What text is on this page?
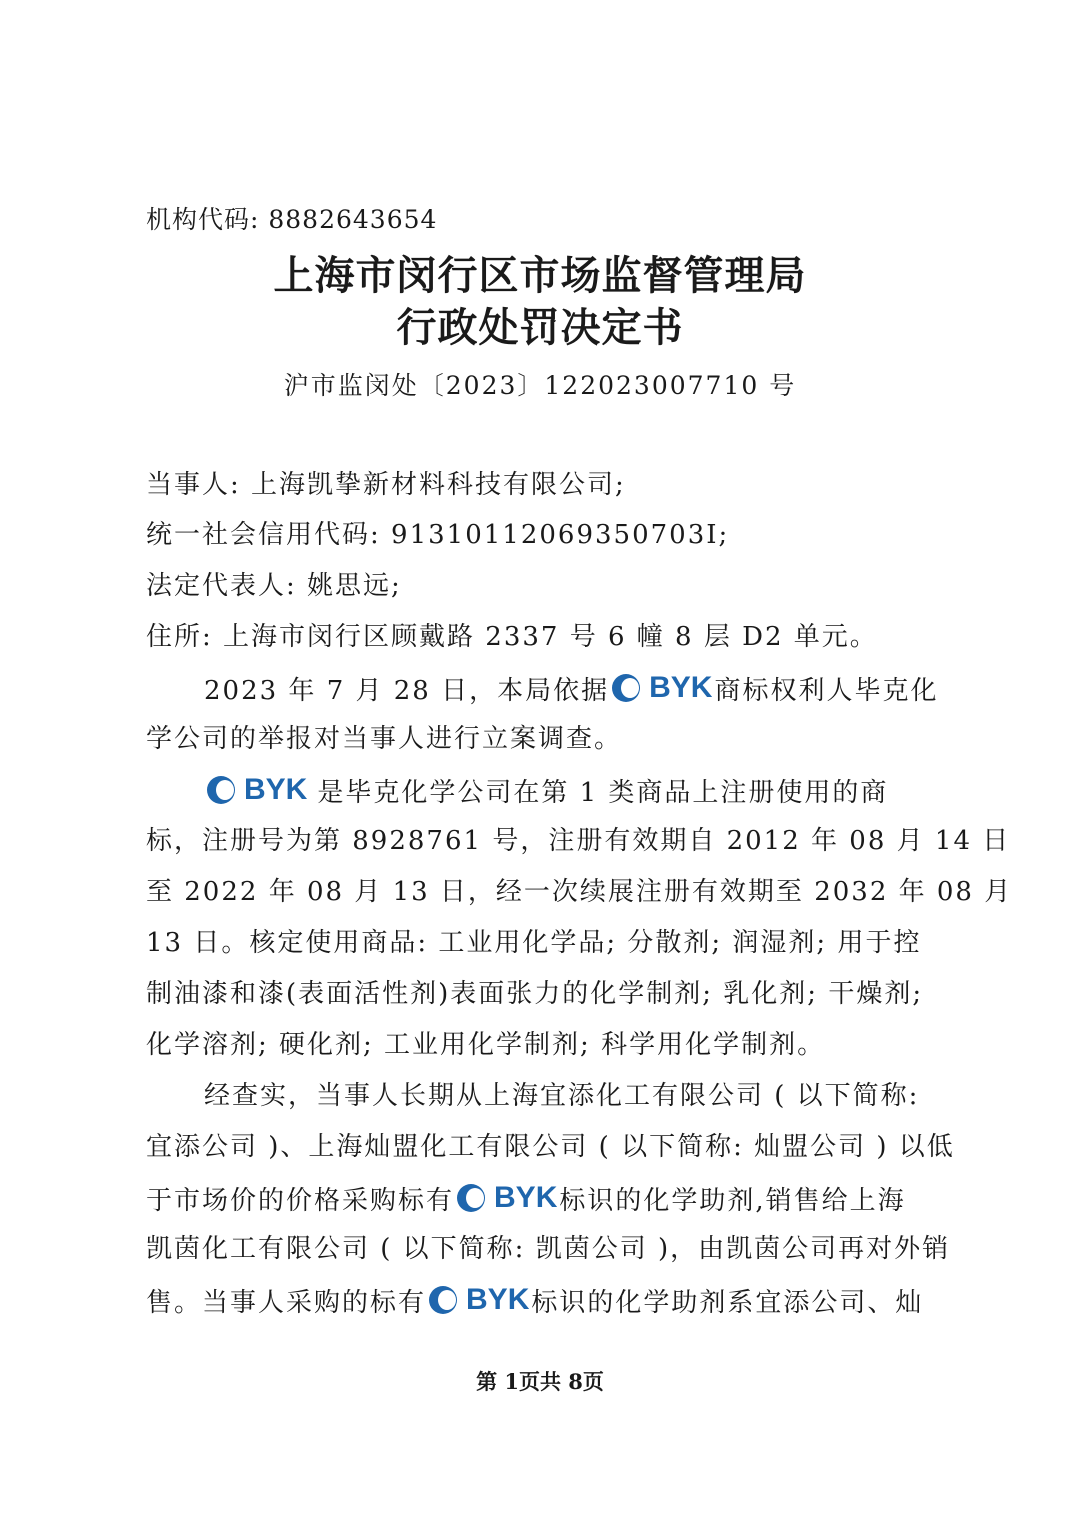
机构代码: 8882643654
上海市闵行区市场监督管理局
行政处罚决定书
沪市监闵处〔2023〕122023007710 号
当事人: 上海凯挚新材料科技有限公司;
统一社会信用代码: 91310112069350703I;
法定代表人: 姚思远;
住所: 上海市闵行区顾戴路 2337 号 6 幢 8 层 D2 单元。
2023 年 7 月 28 日，本局依据 BYK 商标权利人毕克化
学公司的举报对当事人进行立案调查。
BYK 是毕克化学公司在第 1 类商品上注册使用的商
标，注册号为第 8928761 号，注册有效期自 2012 年 08 月 14 日
至 2022 年 08 月 13 日，经一次续展注册有效期至 2032 年 08 月
13 日。核定使用商品: 工业用化学品; 分散剂; 润湿剂; 用于控
制油漆和漆(表面活性剂)表面张力的化学制剂; 乳化剂; 干燥剂;
化学溶剂; 硬化剂; 工业用化学制剂; 科学用化学制剂。
经查实，当事人长期从上海宜添化工有限公司 ( 以下简称:
宜添公司 )、上海灿盟化工有限公司 ( 以下简称: 灿盟公司 ) 以低
于市场价的价格采购标有 BYK 标识的化学助剂,销售给上海
凯茵化工有限公司 ( 以下简称: 凯茵公司 )，由凯茵公司再对外销
售。当事人采购的标有 BYK 标识的化学助剂系宜添公司、灿
第 1页共 8页
